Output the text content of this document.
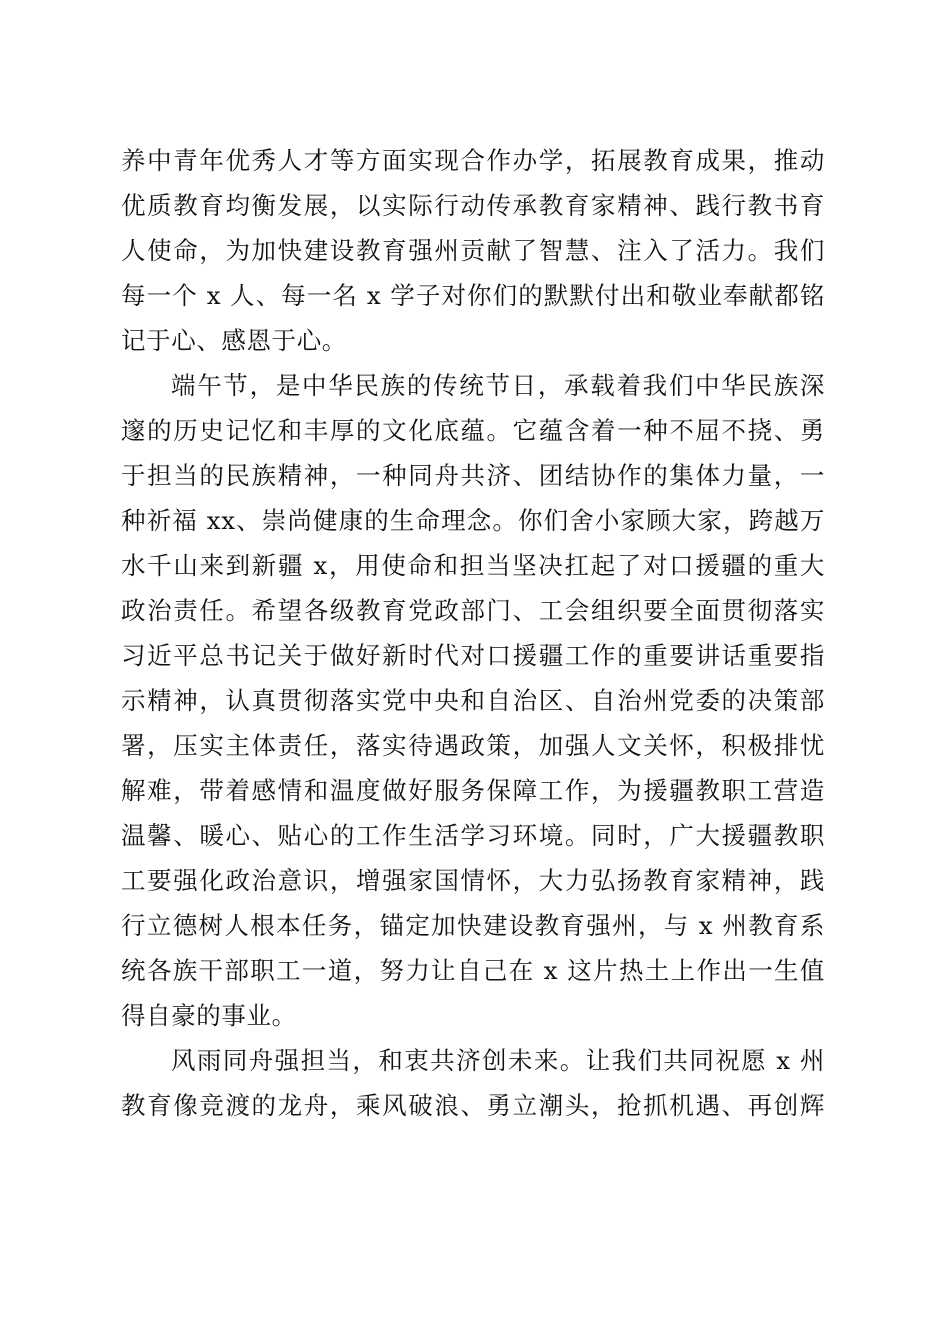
养中青年优秀人才等方面实现合作办学，拓展教育成果，推动
优质教育均衡发展，以实际行动传承教育家精神、践行教书育
人使命，为加快建设教育强州贡献了智慧、注入了活力。我们
每一个 x 人、每一名 x 学子对你们的默默付出和敬业奉献都铭
记于心、感恩于心。
端午节，是中华民族的传统节日，承载着我们中华民族深
邃的历史记忆和丰厚的文化底蕴。它蕴含着一种不屈不挠、勇
于担当的民族精神，一种同舟共济、团结协作的集体力量，一
种祈福 xx、崇尚健康的生命理念。你们舍小家顾大家，跨越万
水千山来到新疆 x，用使命和担当坚决扛起了对口援疆的重大
政治责任。希望各级教育党政部门、工会组织要全面贯彻落实
习近平总书记关于做好新时代对口援疆工作的重要讲话重要指
示精神，认真贯彻落实党中央和自治区、自治州党委的决策部
署，压实主体责任，落实待遇政策，加强人文关怀，积极排忧
解难，带着感情和温度做好服务保障工作，为援疆教职工营造
温馨、暖心、贴心的工作生活学习环境。同时，广大援疆教职
工要强化政治意识，增强家国情怀，大力弘扬教育家精神，践
行立德树人根本任务，锚定加快建设教育强州，与 x 州教育系
统各族干部职工一道，努力让自己在 x 这片热土上作出一生值
得自豪的事业。
风雨同舟强担当，和衷共济创未来。让我们共同祝愿 x 州
教育像竞渡的龙舟，乘风破浪、勇立潮头，抢抓机遇、再创辉
